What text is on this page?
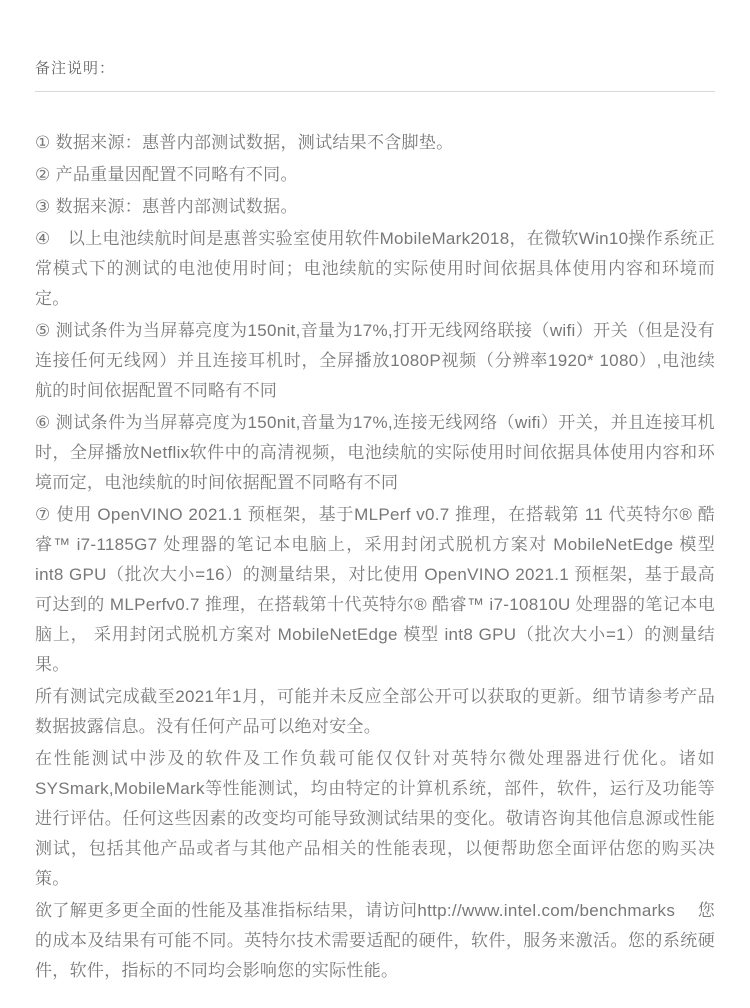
备注说明：

① 数据来源：惠普内部测试数据，测试结果不含脚垫。

② 产品重量因配置不同略有不同。

③ 数据来源：惠普内部测试数据。

④　以上电池续航时间是惠普实验室使用软件MobileMark2018，在微软Win10操作系统正常模式下的测试的电池使用时间；电池续航的实际使用时间依据具体使用内容和环境而定。

⑤ 测试条件为当屏幕亮度为150nit,音量为17%,打开无线网络联接（wifi）开关（但是没有连接任何无线网）并且连接耳机时，全屏播放1080P视频（分辨率1920* 1080）,电池续航的时间依据配置不同略有不同

⑥ 测试条件为当屏幕亮度为150nit,音量为17%,连接无线网络（wifi）开关，并且连接耳机时，全屏播放Netflix软件中的高清视频，电池续航的实际使用时间依据具体使用内容和环境而定，电池续航的时间依据配置不同略有不同

⑦ 使用 OpenVINO 2021.1 预框架，基于MLPerf v0.7 推理，在搭载第 11 代英特尔® 酷睿™ i7-1185G7 处理器的笔记本电脑上，采用封闭式脱机方案对 MobileNetEdge 模型int8 GPU（批次大小=16）的测量结果，对比使用 OpenVINO 2021.1 预框架，基于最高可达到的 MLPerfv0.7 推理，在搭载第十代英特尔® 酷睿™ i7-10810U 处理器的笔记本电脑上， 采用封闭式脱机方案对 MobileNetEdge 模型 int8 GPU（批次大小=1）的测量结果。

所有测试完成截至2021年1月，可能并未反应全部公开可以获取的更新。细节请参考产品数据披露信息。没有任何产品可以绝对安全。

在性能测试中涉及的软件及工作负载可能仅仅针对英特尔微处理器进行优化。诸如SYSmark,MobileMark等性能测试，均由特定的计算机系统，部件，软件，运行及功能等进行评估。任何这些因素的改变均可能导致测试结果的变化。敬请咨询其他信息源或性能测试，包括其他产品或者与其他产品相关的性能表现，以便帮助您全面评估您的购买决策。

欲了解更多更全面的性能及基准指标结果，请访问http://www.intel.com/benchmarks　 您的成本及结果有可能不同。英特尔技术需要适配的硬件，软件，服务来激活。您的系统硬件，软件，指标的不同均会影响您的实际性能。
